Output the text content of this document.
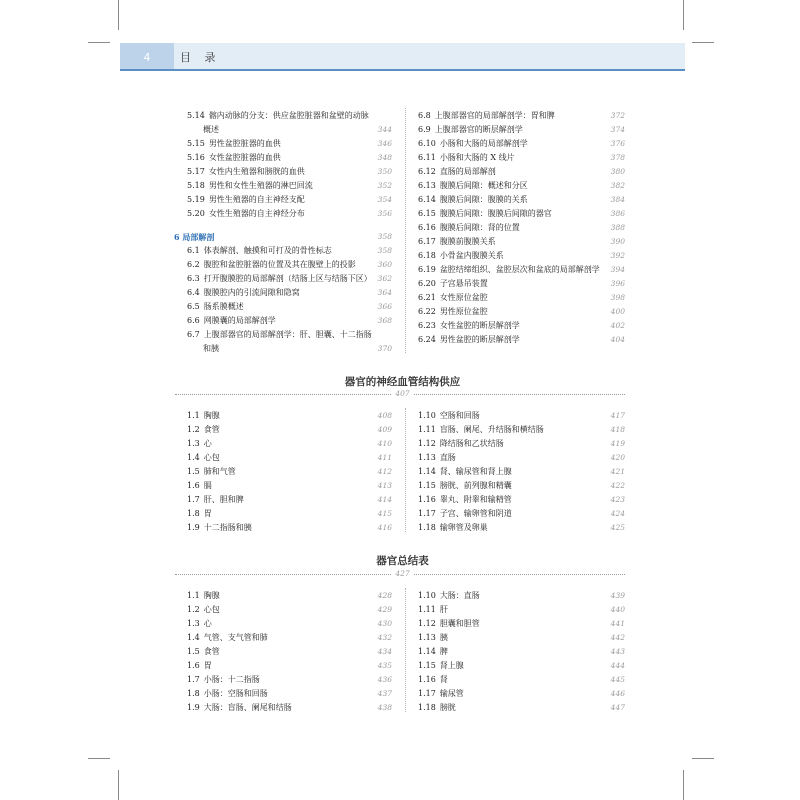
4	目 录
5.14 髂内动脉的分支：供应盆腔脏器和盆壁的动脉
概述	344
5.15 男性盆腔脏器的血供	346
5.16 女性盆腔脏器的血供	348
5.17 女性内生殖器和膀胱的血供	350
5.18 男性和女性生殖器的淋巴回流	352
5.19 男性生殖器的自主神经支配	354
5.20 女性生殖器的自主神经分布	356
6 局部解剖	358
6.1 体表解剖、触摸和可打及的骨性标志	358
6.2 腹腔和盆腔脏器的位置及其在腹壁上的投影	360
6.3 打开腹膜腔的局部解剖（结肠上区与结肠下区） 362
6.4 腹膜腔内的引流间隙和隐窝	364
6.5 肠系膜概述	366
6.6 网膜囊的局部解剖学	368
6.7 上腹部器官的局部解剖学：肝、胆囊、十二指肠
和胰	370
6.8 上腹部器官的局部解剖学：胃和脾	372
6.9 上腹部器官的断层解剖学	374
6.10 小肠和大肠的局部解剖学	376
6.11 小肠和大肠的 X 线片	378
6.12 直肠的局部解剖	380
6.13 腹膜后间隙：概述和分区	382
6.14 腹膜后间隙：腹膜的关系	384
6.15 腹膜后间隙：腹膜后间隙的器官	386
6.16 腹膜后间隙：肾的位置	388
6.17 腹膜前腹膜关系	390
6.18 小骨盆内腹膜关系	392
6.19 盆腔结缔组织、盆腔层次和盆底的局部解剖学 394
6.20 子宫悬吊装置	396
6.21 女性原位盆腔	398
6.22 男性原位盆腔	400
6.23 女性盆腔的断层解剖学	402
6.24 男性盆腔的断层解剖学	404
器官的神经血管结构供应
407
1.1 胸腺	408
1.2 食管	409
1.3 心	410
1.4 心包	411
1.5 肺和气管	412
1.6 膈	413
1.7 肝、胆和脾	414
1.8 胃	415
1.9 十二指肠和胰	416
1.10 空肠和回肠	417
1.11 盲肠、阑尾、升结肠和横结肠	418
1.12 降结肠和乙状结肠	419
1.13 直肠	420
1.14 肾、输尿管和肾上腺	421
1.15 膀胱、前列腺和精囊	422
1.16 睾丸、附睾和输精管	423
1.17 子宫、输卵管和阴道	424
1.18 输卵管及卵巢	425
器官总结表
427
1.1 胸腺	428
1.2 心包	429
1.3 心	430
1.4 气管、支气管和肺	432
1.5 食管	434
1.6 胃	435
1.7 小肠：十二指肠	436
1.8 小肠：空肠和回肠	437
1.9 大肠：盲肠、阑尾和结肠	438
1.10 大肠：直肠	439
1.11 肝	440
1.12 胆囊和胆管	441
1.13 胰	442
1.14 脾	443
1.15 肾上腺	444
1.16 肾	445
1.17 输尿管	446
1.18 膀胱	447
